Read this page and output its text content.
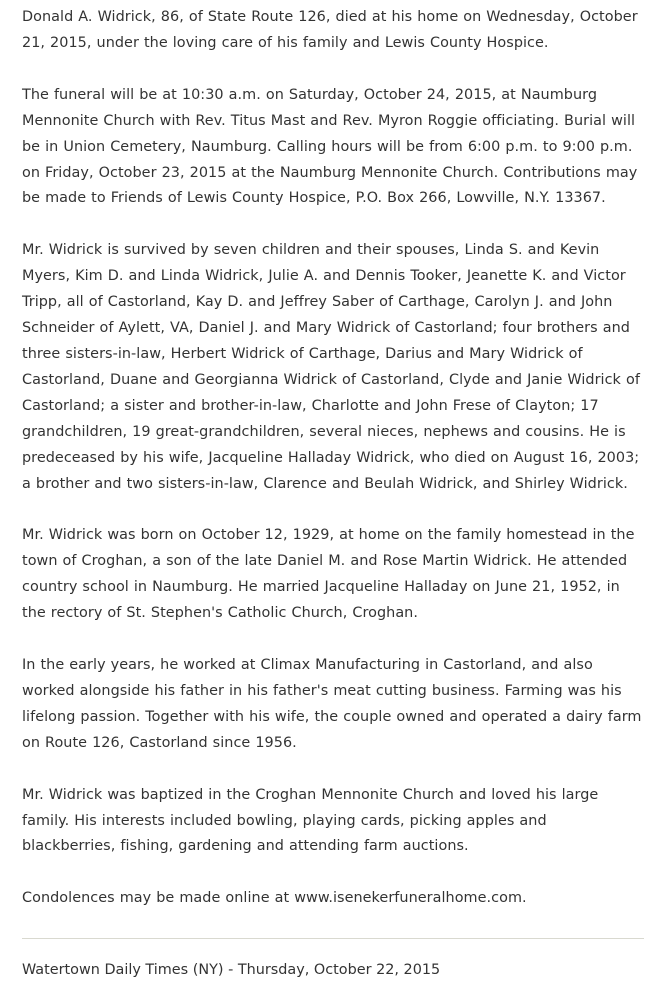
Donald A. Widrick, 86, of State Route 126, died at his home on Wednesday, October 21, 2015, under the loving care of his family and Lewis County Hospice.

The funeral will be at 10:30 a.m. on Saturday, October 24, 2015, at Naumburg Mennonite Church with Rev. Titus Mast and Rev. Myron Roggie officiating. Burial will be in Union Cemetery, Naumburg. Calling hours will be from 6:00 p.m. to 9:00 p.m. on Friday, October 23, 2015 at the Naumburg Mennonite Church. Contributions may be made to Friends of Lewis County Hospice, P.O. Box 266, Lowville, N.Y. 13367.

Mr. Widrick is survived by seven children and their spouses, Linda S. and Kevin Myers, Kim D. and Linda Widrick, Julie A. and Dennis Tooker, Jeanette K. and Victor Tripp, all of Castorland, Kay D. and Jeffrey Saber of Carthage, Carolyn J. and John Schneider of Aylett, VA, Daniel J. and Mary Widrick of Castorland; four brothers and three sisters-in-law, Herbert Widrick of Carthage, Darius and Mary Widrick of Castorland, Duane and Georgianna Widrick of Castorland, Clyde and Janie Widrick of Castorland; a sister and brother-in-law, Charlotte and John Frese of Clayton; 17 grandchildren, 19 great-grandchildren, several nieces, nephews and cousins. He is predeceased by his wife, Jacqueline Halladay Widrick, who died on August 16, 2003; a brother and two sisters-in-law, Clarence and Beulah Widrick, and Shirley Widrick.

Mr. Widrick was born on October 12, 1929, at home on the family homestead in the town of Croghan, a son of the late Daniel M. and Rose Martin Widrick. He attended country school in Naumburg. He married Jacqueline Halladay on June 21, 1952, in the rectory of St. Stephen's Catholic Church, Croghan.

In the early years, he worked at Climax Manufacturing in Castorland, and also worked alongside his father in his father's meat cutting business. Farming was his lifelong passion. Together with his wife, the couple owned and operated a dairy farm on Route 126, Castorland since 1956.

Mr. Widrick was baptized in the Croghan Mennonite Church and loved his large family. His interests included bowling, playing cards, picking apples and blackberries, fishing, gardening and attending farm auctions.

Condolences may be made online at www.isenekerfuneralhome.com.

Watertown Daily Times (NY) - Thursday, October 22, 2015
